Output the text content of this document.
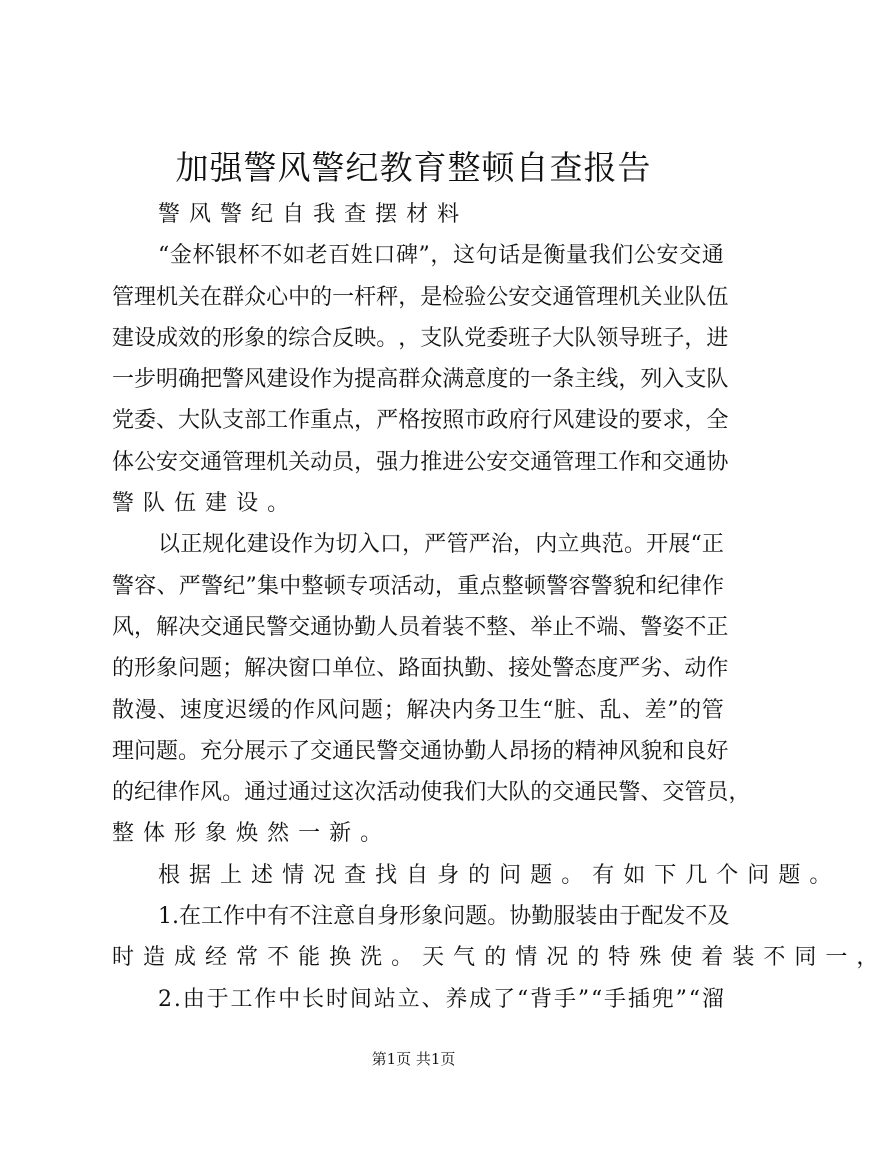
加强警风警纪教育整顿自查报告
警 风 警 纪 自 我 查 摆 材 料
“ 金 杯 银 杯 不 如 老 百 姓 口 碑 ” ， 这 句 话 是 衡 量 我 们 公 安 交 通
管 理 机 关 在 群 众 心 中 的 一 杆 秤 ， 是 检 验 公 安 交 通 管 理 机 关 业 队 伍
建 设 成 效 的 形 象 的 综 合 反 映 。 ， 支 队 党 委 班 子 大 队 领 导 班 子 ， 进
一 步 明 确 把 警 风 建 设 作 为 提 高 群 众 满 意 度 的 一 条 主 线 ， 列 入 支 队
党 委 、 大 队 支 部 工 作 重 点 ， 严 格 按 照 市 政 府 行 风 建 设 的 要 求 ， 全
体 公 安 交 通 管 理 机 关 动 员 ， 强 力 推 进 公 安 交 通 管 理 工 作 和 交 通 协
警 队 伍 建 设 。
以 正 规 化 建 设 作 为 切 入 口 ， 严 管 严 治 ， 内 立 典 范 。 开 展 “ 正
警 容 、 严 警 纪 ” 集 中 整 顿 专 项 活 动 ， 重 点 整 顿 警 容 警 貌 和 纪 律 作
风 ， 解 决 交 通 民 警 交 通 协 勤 人 员 着 装 不 整 、 举 止 不 端 、 警 姿 不 正
的 形 象 问 题 ； 解 决 窗 口 单 位 、 路 面 执 勤 、 接 处 警 态 度 严 劣 、 动 作
散 漫 、 速 度 迟 缓 的 作 风 问 题 ； 解 决 内 务 卫 生 “ 脏 、 乱 、 差 ” 的 管
理 问 题 。 充 分 展 示 了 交 通 民 警 交 通 协 勤 人 昂 扬 的 精 神 风 貌 和 良 好
的 纪 律 作 风 。 通 过 通 过 这 次 活 动 使 我 们 大 队 的 交 通 民 警 、 交 管 员 ，
整 体 形 象 焕 然 一 新 。
根 据 上 述 情 况 查 找 自 身 的 问 题 。 有 如 下 几 个 问 题 。
1 . 在 工 作 中 有 不 注 意 自 身 形 象 问 题 。 协 勤 服 装 由 于 配 发 不 及
时 造 成 经 常 不 能 换 洗 。 天 气 的 情 况 的 特 殊 使 着 装 不 同 一 ，
2 . 由 于 工 作 中 长 时 间 站 立 、 养 成 了 “ 背 手 ” “ 手 插 兜 ” “ 溜
第1页 共1页
